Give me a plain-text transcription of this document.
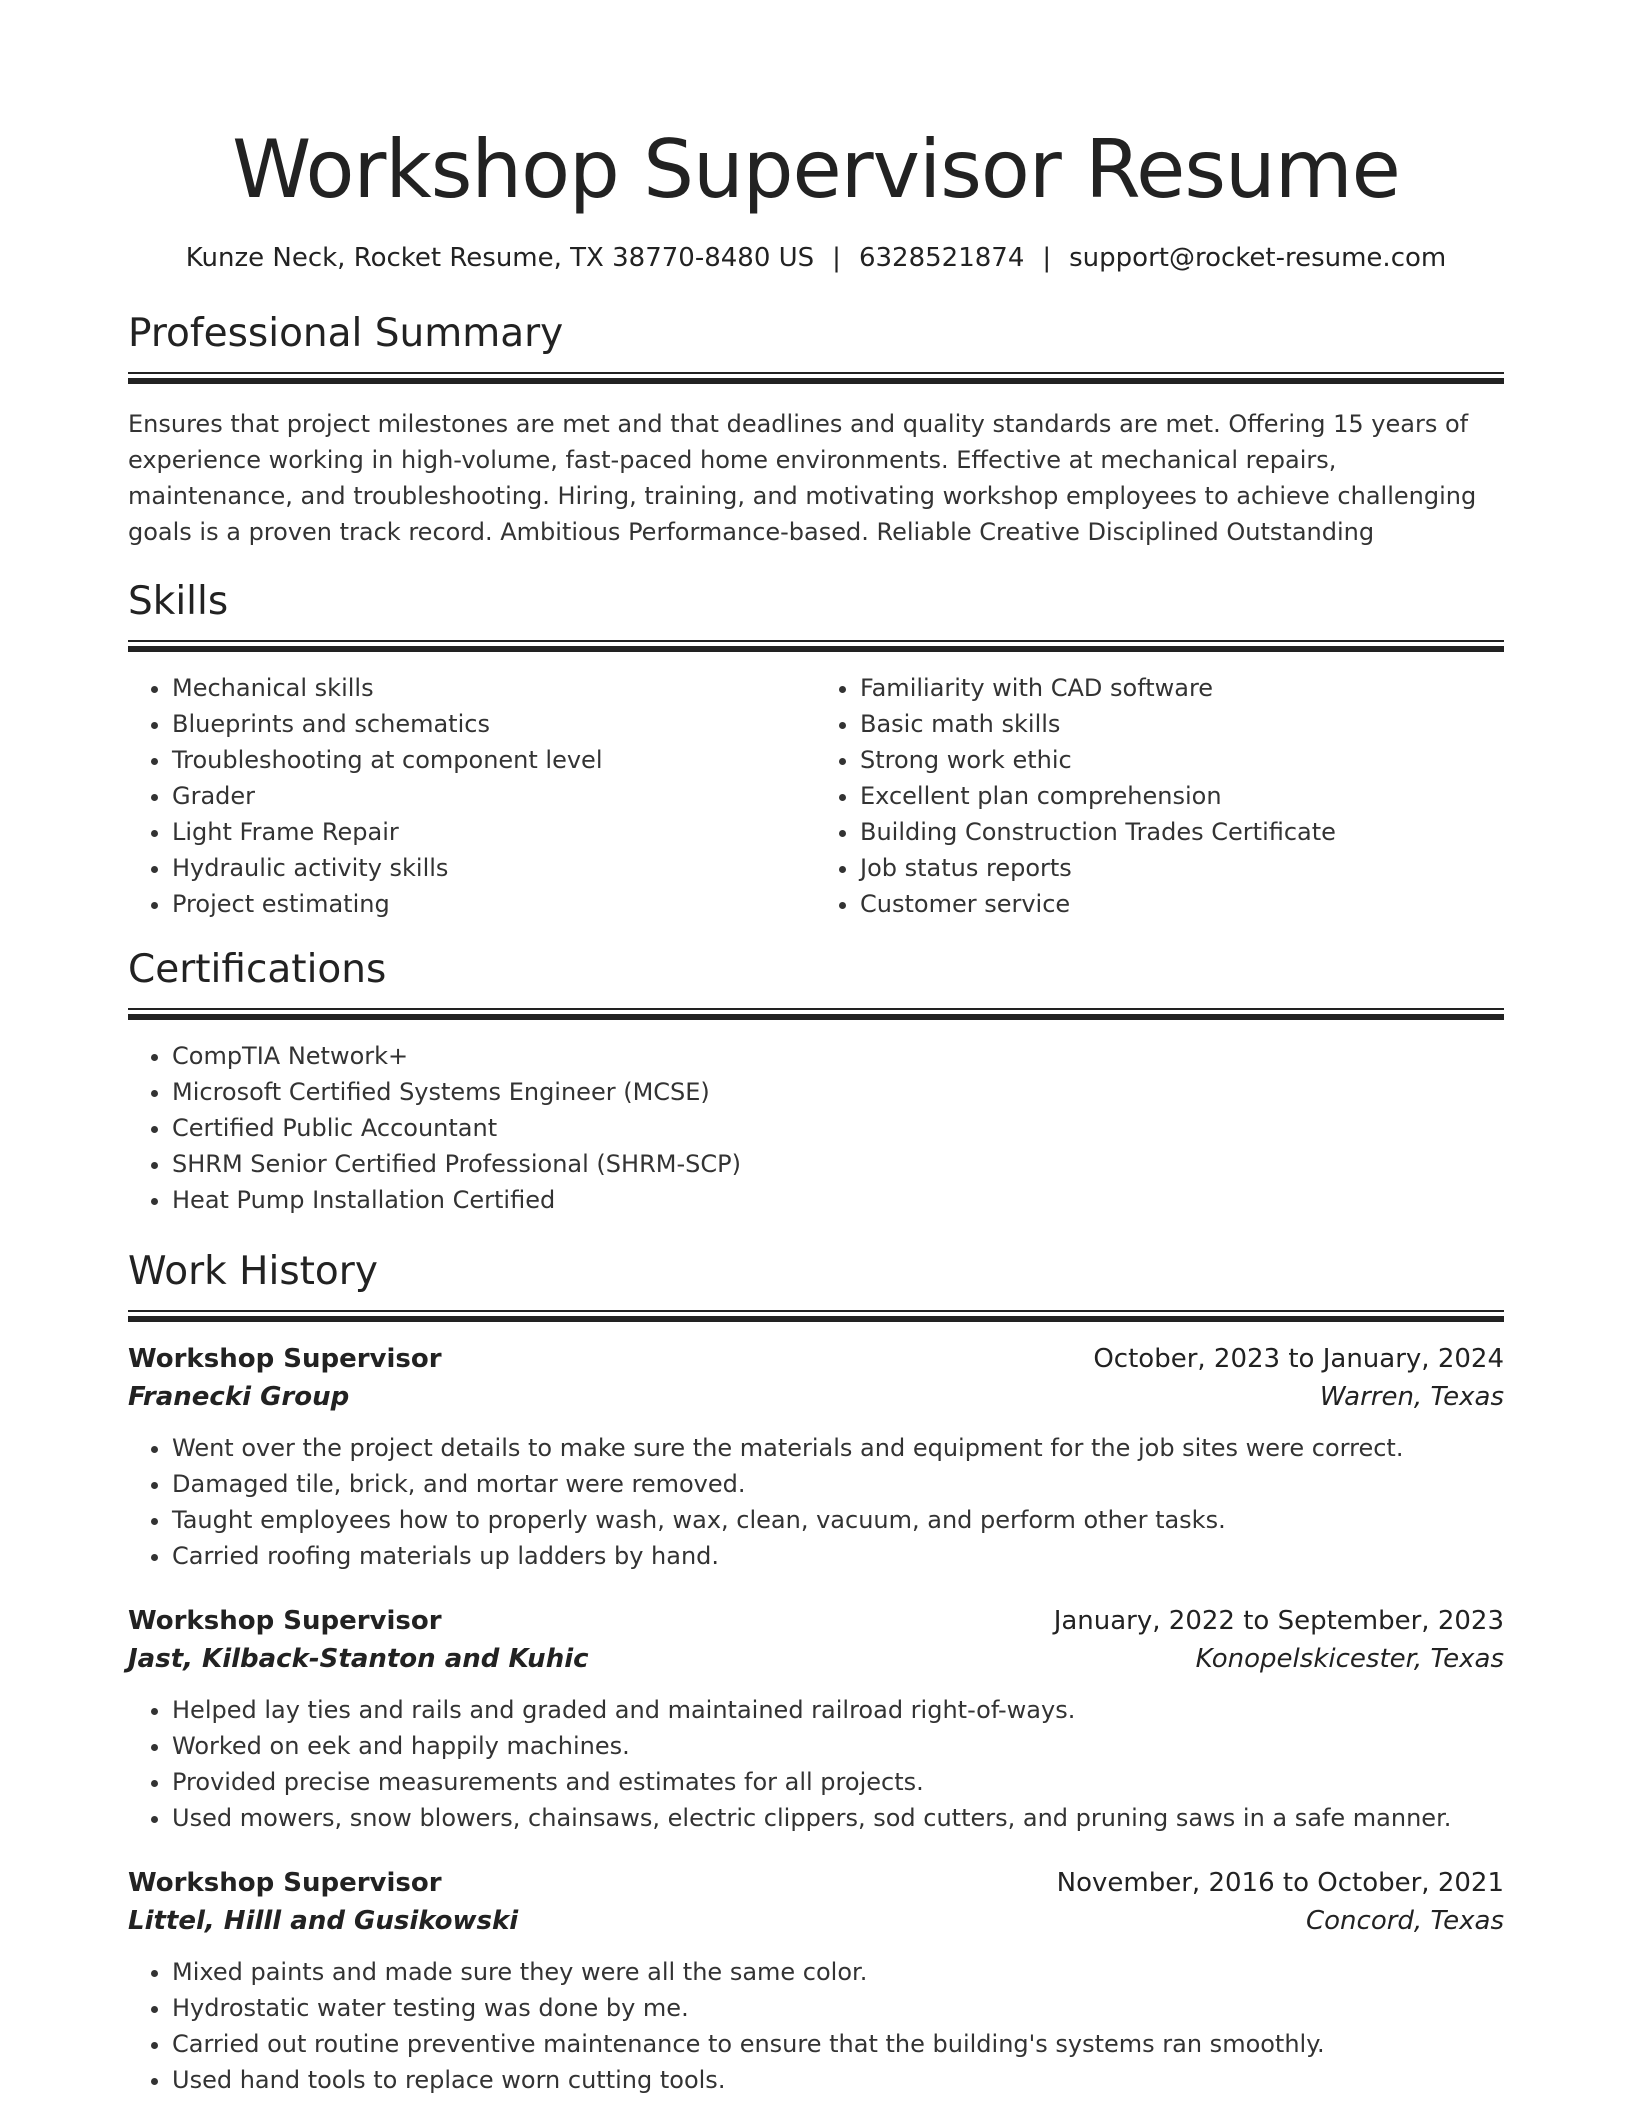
Workshop Supervisor Resume
Kunze Neck, Rocket Resume, TX 38770-8480 US | 6328521874 | support@rocket-resume.com
Professional Summary

Ensures that project milestones are met and that deadlines and quality standards are met. Offering 15 years of experience working in high-volume, fast-paced home environments. Effective at mechanical repairs, maintenance, and troubleshooting. Hiring, training, and motivating workshop employees to achieve challenging goals is a proven track record. Ambitious Performance-based. Reliable Creative Disciplined Outstanding

Skills
• Mechanical skills
• Blueprints and schematics
• Troubleshooting at component level
• Grader
• Light Frame Repair
• Hydraulic activity skills
• Project estimating
• Familiarity with CAD software
• Basic math skills
• Strong work ethic
• Excellent plan comprehension
• Building Construction Trades Certificate
• Job status reports
• Customer service
Certifications
• CompTIA Network+
• Microsoft Certified Systems Engineer (MCSE)
• Certified Public Accountant
• SHRM Senior Certified Professional (SHRM-SCP)
• Heat Pump Installation Certified
Work History
Workshop Supervisor	October, 2023 to January, 2024
Franecki Group	Warren, Texas
• Went over the project details to make sure the materials and equipment for the job sites were correct.
• Damaged tile, brick, and mortar were removed.
• Taught employees how to properly wash, wax, clean, vacuum, and perform other tasks.
• Carried roofing materials up ladders by hand.
Workshop Supervisor	January, 2022 to September, 2023
Jast, Kilback-Stanton and Kuhic	Konopelskicester, Texas
• Helped lay ties and rails and graded and maintained railroad right-of-ways.
• Worked on eek and happily machines.
• Provided precise measurements and estimates for all projects.
• Used mowers, snow blowers, chainsaws, electric clippers, sod cutters, and pruning saws in a safe manner.
Workshop Supervisor	November, 2016 to October, 2021
Littel, Hilll and Gusikowski	Concord, Texas
• Mixed paints and made sure they were all the same color.
• Hydrostatic water testing was done by me.
• Carried out routine preventive maintenance to ensure that the building's systems ran smoothly.
• Used hand tools to replace worn cutting tools.
